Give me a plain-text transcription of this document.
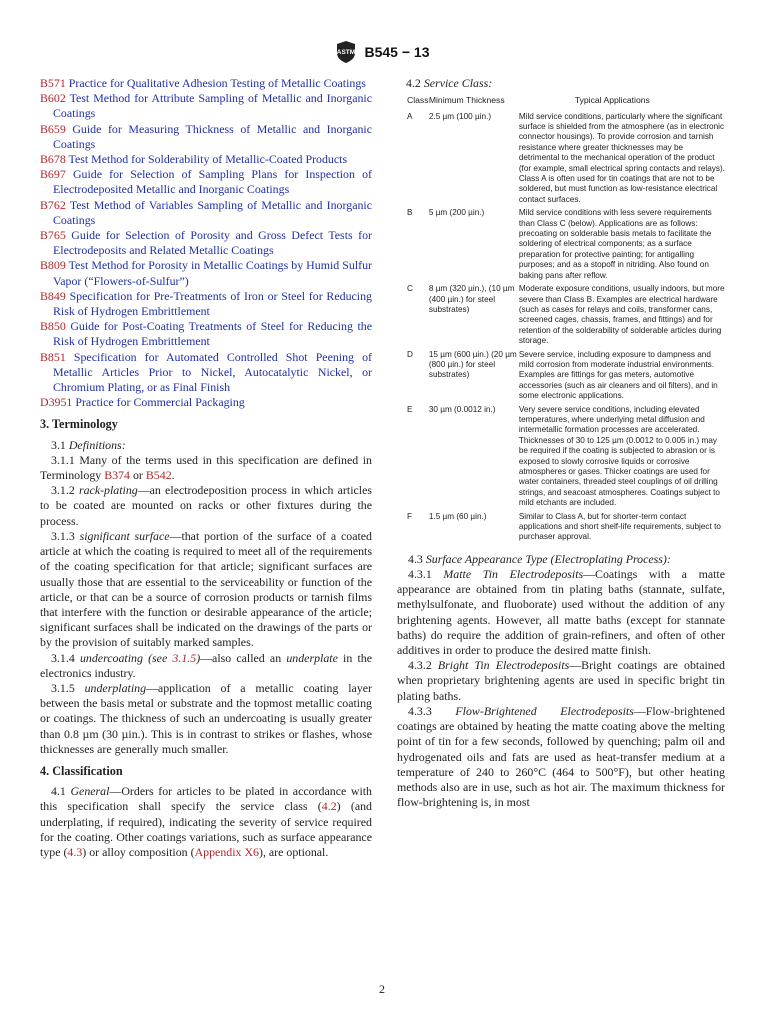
ASTM B545 − 13

B571 Practice for Qualitative Adhesion Testing of Metallic Coatings

B602 Test Method for Attribute Sampling of Metallic and Inorganic Coatings

B659 Guide for Measuring Thickness of Metallic and Inorganic Coatings

B678 Test Method for Solderability of Metallic-Coated Products

B697 Guide for Selection of Sampling Plans for Inspection of Electrodeposited Metallic and Inorganic Coatings

B762 Test Method of Variables Sampling of Metallic and Inorganic Coatings

B765 Guide for Selection of Porosity and Gross Defect Tests for Electrodeposits and Related Metallic Coatings

B809 Test Method for Porosity in Metallic Coatings by Humid Sulfur Vapor (“Flowers-of-Sulfur”)

B849 Specification for Pre-Treatments of Iron or Steel for Reducing Risk of Hydrogen Embrittlement

B850 Guide for Post-Coating Treatments of Steel for Reducing the Risk of Hydrogen Embrittlement

B851 Specification for Automated Controlled Shot Peening of Metallic Articles Prior to Nickel, Autocatalytic Nickel, or Chromium Plating, or as Final Finish

D3951 Practice for Commercial Packaging

3. Terminology

3.1 Definitions:

3.1.1 Many of the terms used in this specification are defined in Terminology B374 or B542.

3.1.2 rack-plating—an electrodeposition process in which articles to be coated are mounted on racks or other fixtures during the process.

3.1.3 significant surface—that portion of the surface of a coated article at which the coating is required to meet all of the requirements of the coating specification for that article; significant surfaces are usually those that are essential to the serviceability or function of the article, or that can be a source of corrosion products or tarnish films that interfere with the function or desirable appearance of the article; significant surfaces shall be indicated on the drawings of the parts or by the provision of suitably marked samples.

3.1.4 undercoating (see 3.1.5)—also called an underplate in the electronics industry.

3.1.5 underplating—application of a metallic coating layer between the basis metal or substrate and the topmost metallic coating or coatings. The thickness of such an undercoating is usually greater than 0.8 µm (30 µin.). This is in contrast to strikes or flashes, whose thicknesses are generally much smaller.

4. Classification

4.1 General—Orders for articles to be plated in accordance with this specification shall specify the service class (4.2) (and underplating, if required), indicating the severity of service required for the coating. Other coatings variations, such as surface appearance type (4.3) or alloy composition (Appendix X6), are optional.

4.2 Service Class:

Class	Minimum Thickness	Typical Applications
A	2.5 µm (100 µin.)	Mild service conditions, particularly where the significant surface is shielded from the atmosphere (as in electronic connector housings). To provide corrosion and tarnish resistance where greater thicknesses may be detrimental to the mechanical operation of the product (for example, small electrical spring contacts and relays). Class A is often used for tin coatings that are not to be soldered, but must function as low-resistance electrical contact surfaces.
B	5 µm (200 µin.)	Mild service conditions with less severe requirements than Class C (below). Applications are as follows: precoating on solderable basis metals to facilitate the soldering of electrical components; as a surface preparation for protective painting; for antigalling purposes; and as a stopoff in nitriding. Also found on baking pans after reflow.
C	8 µm (320 µin.), (10 µm (400 µin.) for steel substrates)	Moderate exposure conditions, usually indoors, but more severe than Class B. Examples are electrical hardware (such as cases for relays and coils, transformer cans, screened cages, chassis, frames, and fittings) and for retention of the solderability of solderable articles during storage.
D	15 µm (600 µin.) (20 µm (800 µin.) for steel substrates)	Severe service, including exposure to dampness and mild corrosion from moderate industrial environments. Examples are fittings for gas meters, automotive accessories (such as air cleaners and oil filters), and in some electronic applications.
E	30 µm (0.0012 in.)	Very severe service conditions, including elevated temperatures, where underlying metal diffusion and intermetallic formation processes are accelerated. Thicknesses of 30 to 125 µm (0.0012 to 0.005 in.) may be required if the coating is subjected to abrasion or is exposed to slowly corrosive liquids or corrosive atmospheres or gases. Thicker coatings are used for water containers, threaded steel couplings of oil drilling strings, and seacoast atmospheres. Coatings subject to mild etchants are included.
F	1.5 µm (60 µin.)	Similar to Class A, but for shorter-term contact applications and short shelf-life requirements, subject to purchaser approval.

4.3 Surface Appearance Type (Electroplating Process):

4.3.1 Matte Tin Electrodeposits—Coatings with a matte appearance are obtained from tin plating baths (stannate, sulfate, methylsulfonate, and fluoborate) used without the addition of any brightening agents. However, all matte baths (except for stannate baths) do require the addition of grain-refiners, and often of other additives in order to produce the desired matte finish.

4.3.2 Bright Tin Electrodeposits—Bright coatings are obtained when proprietary brightening agents are used in specific bright tin plating baths.

4.3.3 Flow-Brightened Electrodeposits—Flow-brightened coatings are obtained by heating the matte coating above the melting point of tin for a few seconds, followed by quenching; palm oil and hydrogenated oils and fats are used as heat-transfer medium at a temperature of 240 to 260°C (464 to 500°F), but other heating methods also are in use, such as hot air. The maximum thickness for flow-brightening is, in most

2
